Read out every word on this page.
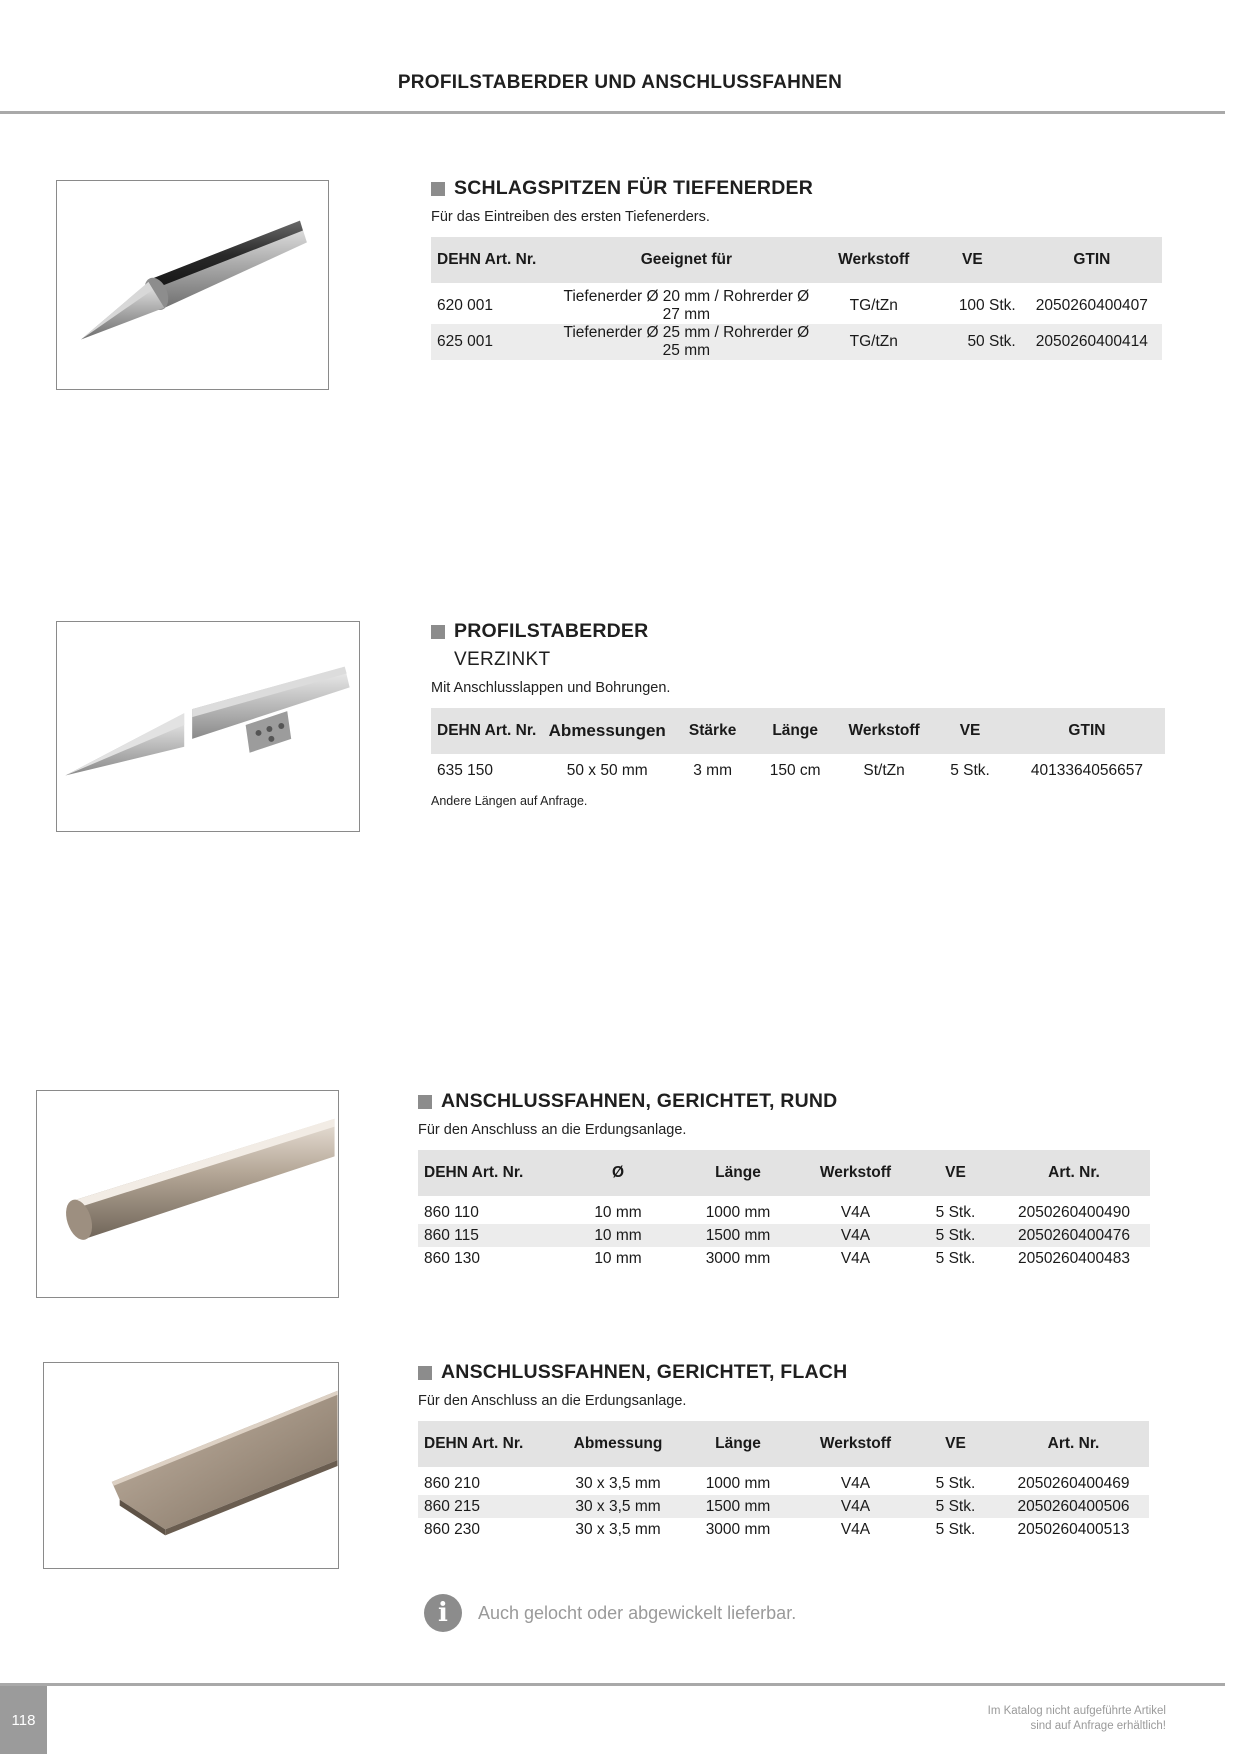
PROFILSTABERDER UND ANSCHLUSSFAHNEN
SCHLAGSPITZEN FÜR TIEFENERDER
Für das Eintreiben des ersten Tiefenerders.
DEHN Art. Nr.	Geeignet für	Werkstoff	VE	GTIN
620 001	Tiefenerder Ø 20 mm / Rohrerder Ø 27 mm	TG/tZn	100 Stk.	2050260400407
625 001	Tiefenerder Ø 25 mm / Rohrerder Ø 25 mm	TG/tZn	50 Stk.	2050260400414
PROFILSTABERDER
VERZINKT
Mit Anschlusslappen und Bohrungen.
DEHN Art. Nr.	Abmessungen	Stärke	Länge	Werkstoff	VE	GTIN
635 150	50 x 50 mm	3 mm	150 cm	St/tZn	5 Stk.	4013364056657
Andere Längen auf Anfrage.
ANSCHLUSSFAHNEN, GERICHTET, RUND
Für den Anschluss an die Erdungsanlage.
DEHN Art. Nr.	Ø	Länge	Werkstoff	VE	Art. Nr.
860 110	10 mm	1000 mm	V4A	5 Stk.	2050260400490
860 115	10 mm	1500 mm	V4A	5 Stk.	2050260400476
860 130	10 mm	3000 mm	V4A	5 Stk.	2050260400483
ANSCHLUSSFAHNEN, GERICHTET, FLACH
Für den Anschluss an die Erdungsanlage.
DEHN Art. Nr.	Abmessung	Länge	Werkstoff	VE	Art. Nr.
860 210	30 x 3,5 mm	1000 mm	V4A	5 Stk.	2050260400469
860 215	30 x 3,5 mm	1500 mm	V4A	5 Stk.	2050260400506
860 230	30 x 3,5 mm	3000 mm	V4A	5 Stk.	2050260400513
i	Auch gelocht oder abgewickelt lieferbar.
118
Im Katalog nicht aufgeführte Artikel
sind auf Anfrage erhältlich!
